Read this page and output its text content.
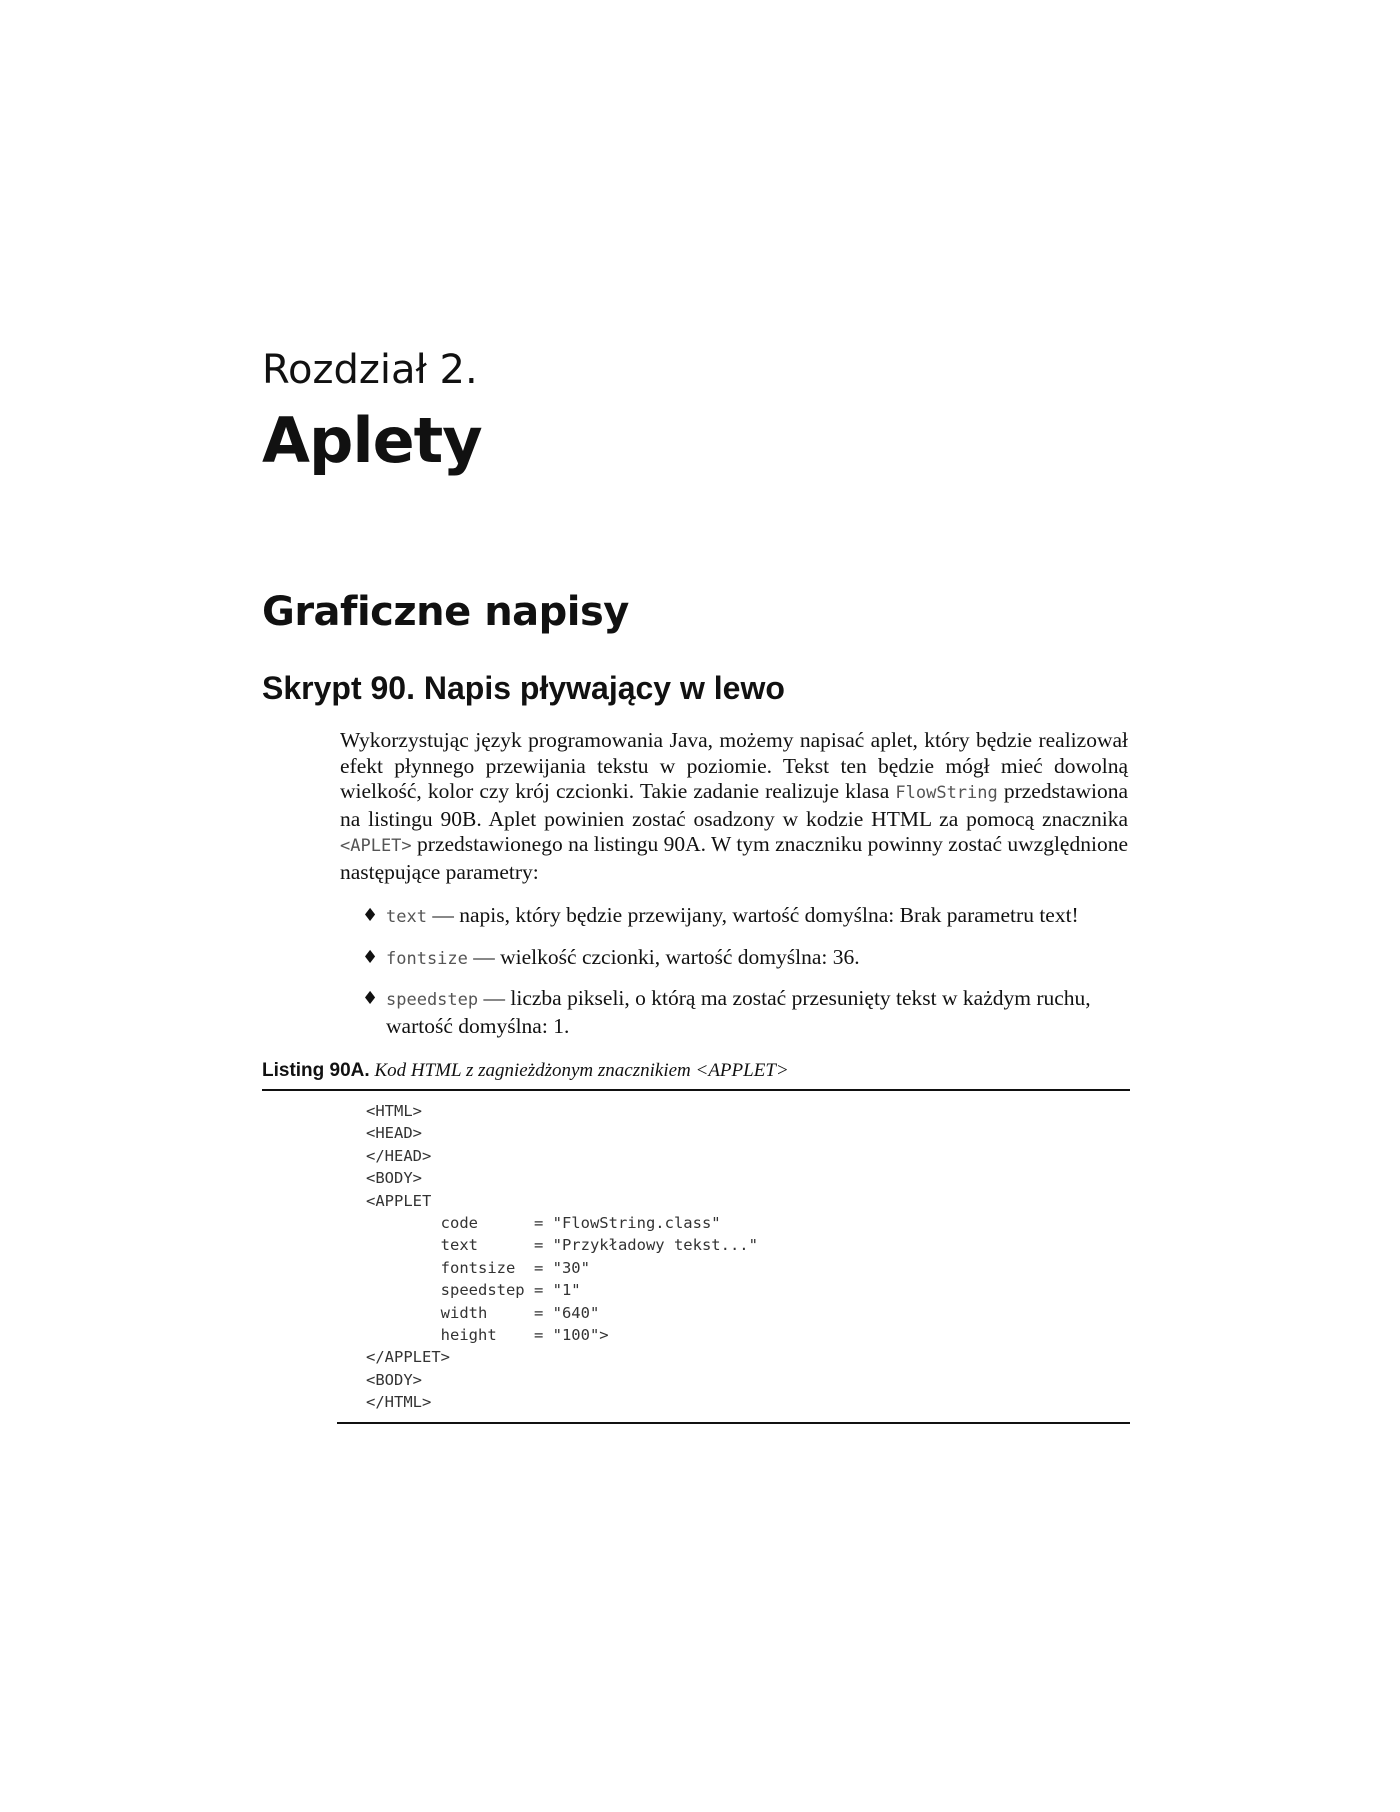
Rozdział 2.
Aplety
Graficzne napisy
Skrypt 90. Napis pływający w lewo

Wykorzystując język programowania Java, możemy napisać aplet, który będzie realizował efekt płynnego przewijania tekstu w poziomie. Tekst ten będzie mógł mieć dowolną wielkość, kolor czy krój czcionki. Takie zadanie realizuje klasa FlowString przedstawiona na listingu 90B. Aplet powinien zostać osadzony w kodzie HTML za pomocą znacznika <APLET> przedstawionego na listingu 90A. W tym znaczniku powinny zostać uwzględnione następujące parametry:

♦ text — napis, który będzie przewijany, wartość domyślna: Brak parametru text!
♦ fontsize — wielkość czcionki, wartość domyślna: 36.
♦ speedstep — liczba pikseli, o którą ma zostać przesunięty tekst w każdym ruchu, wartość domyślna: 1.

Listing 90A. Kod HTML z zagnieżdżonym znacznikiem <APPLET>

<HTML>
<HEAD>
</HEAD>
<BODY>
<APPLET
code      = "FlowString.class"
text      = "Przykładowy tekst..."
fontsize  = "30"
speedstep = "1"
width     = "640"
height    = "100">
</APPLET>
<BODY>
</HTML>
